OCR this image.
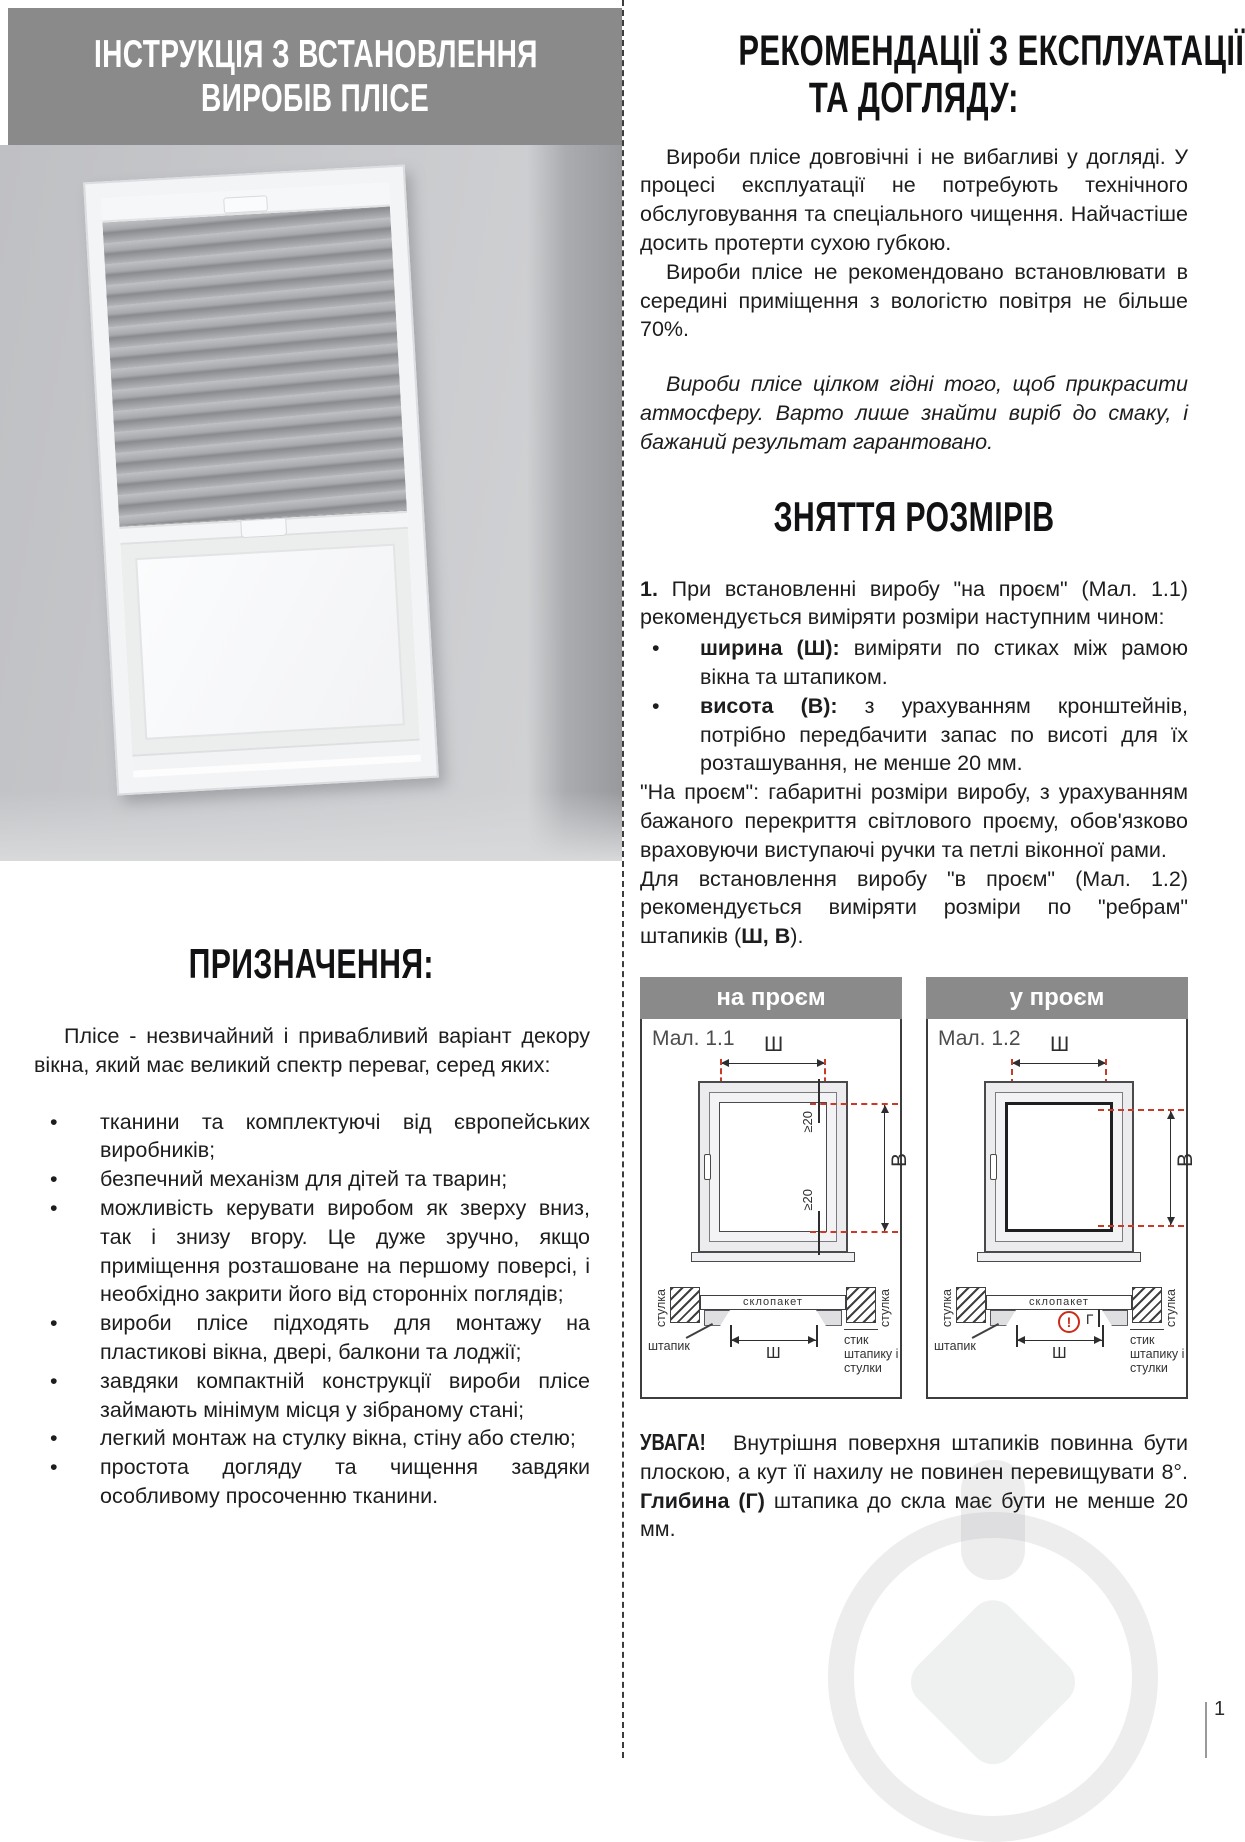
ІНСТРУКЦІЯ З ВСТАНОВЛЕННЯ
ВИРОБІВ ПЛІСЕ
ПРИЗНАЧЕННЯ:

Плісе - незвичайний і привабливий варіант декору вікна, який має великий спектр переваг, серед яких:

• тканини та комплектуючі від європейських виробників;
• безпечний механізм для дітей та тварин;
• можливість керувати виробом як зверху вниз, так і знизу вгору. Це дуже зручно, якщо приміщення розташоване на першому поверсі, і необхідно закрити його від сторонніх поглядів;
• вироби плісе підходять для монтажу на пластикові вікна, двері, балкони та лоджії;
• завдяки компактній конструкції вироби плісе займають мінімум місця у зібраному стані;
• легкий монтаж на стулку вікна, стіну або стелю;
• простота догляду та чищення завдяки особливому просоченню тканини.
РЕКОМЕНДАЦІЇ З ЕКСПЛУАТАЦІЇ
ТА ДОГЛЯДУ:

Вироби плісе довговічні і не вибагливі у догляді. У процесі експлуатації не потребують технічного обслуговування та спеціального чищення. Найчастіше досить протерти сухою губкою.

Вироби плісе не рекомендовано встановлювати в середині приміщення з вологістю повітря не більше 70%.

Вироби плісе цілком гідні того, щоб прикрасити атмосферу. Варто лише знайти виріб до смаку, і бажаний результат гарантовано.

ЗНЯТТЯ РОЗМІРІВ

1. При встановленні виробу "на проєм" (Мал. 1.1) рекомендується виміряти розміри наступним чином:

• ширина (Ш): виміряти по стиках між рамою вікна та штапиком.
• висота (В): з урахуванням кронштейнів, потрібно передбачити запас по висоті для їх розташування, не менше 20 мм.

"На проєм": габаритні розміри виробу, з урахуванням бажаного перекриття світлового проєму, обов'язково враховуючи виступаючі ручки та петлі віконної рами.

Для встановлення виробу "в проєм" (Мал. 1.2) рекомендується виміряти розміри по "ребрам" штапиків (Ш, В).

на проєм
Мал. 1.1 Ш
В
≥20
≥20
стулка	склопакет	стулка
Ш
штапик	стик штапику і стулки
у проєм
Мал. 1.2 Ш
В
стулка	склопакет	стулка
!	Г
Ш
штапик	стик штапику і стулки

УВАГА! Внутрішня поверхня штапиків повинна бути плоскою, а кут її нахилу не повинен перевищувати 8°. Глибина (Г) штапика до скла має бути не менше 20 мм.

1
